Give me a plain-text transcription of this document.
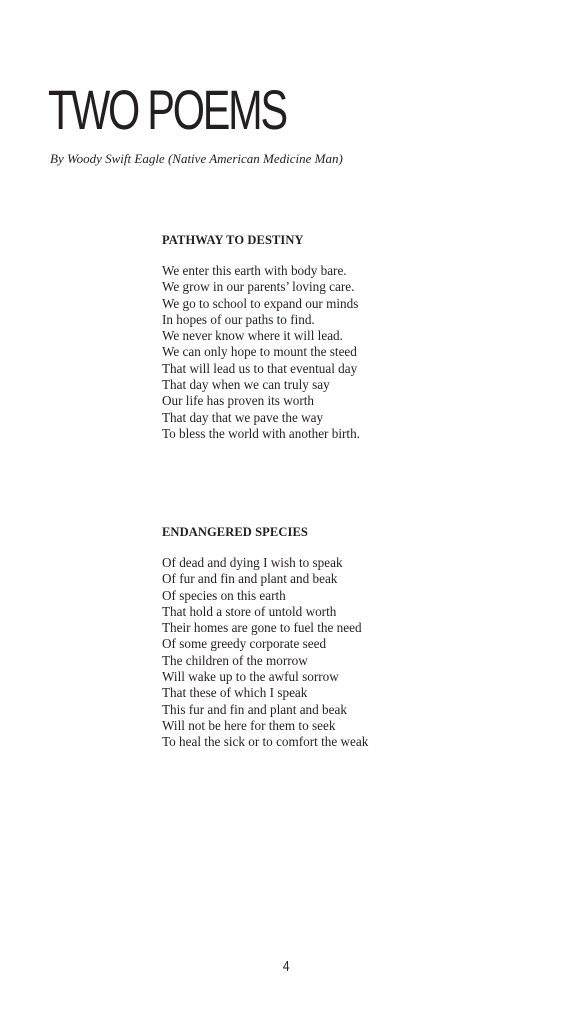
TWO POEMS

By Woody Swift Eagle (Native American Medicine Man)

PATHWAY TO DESTINY
We enter this earth with body bare.
We grow in our parents’ loving care.
We go to school to expand our minds
In hopes of our paths to find.
We never know where it will lead.
We can only hope to mount the steed
That will lead us to that eventual day
That day when we can truly say
Our life has proven its worth
That day that we pave the way
To bless the world with another birth.
ENDANGERED SPECIES
Of dead and dying I wish to speak
Of fur and fin and plant and beak
Of species on this earth
That hold a store of untold worth
Their homes are gone to fuel the need
Of some greedy corporate seed
The children of the morrow
Will wake up to the awful sorrow
That these of which I speak
This fur and fin and plant and beak
Will not be here for them to seek
To heal the sick or to comfort the weak
4
